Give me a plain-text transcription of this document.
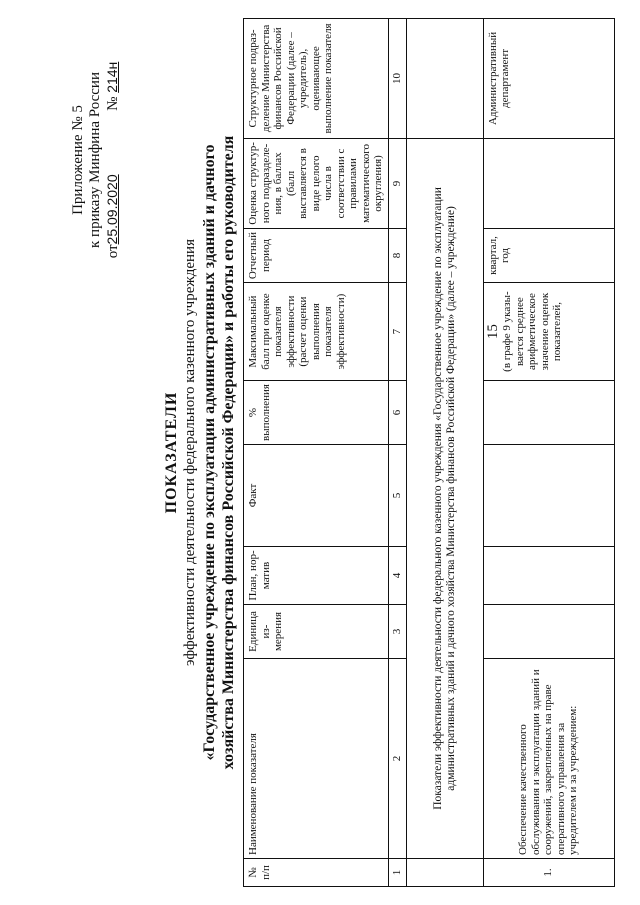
Приложение № 5 к приказу Минфина России
от25.09.2020  № 214н
ПОКАЗАТЕЛИ эффективности деятельности федерального казенного учреждения «Государственное учреждение по эксплуатации административных зданий и дачного хозяйства Министерства финансов Российской Федерации» и работы его руководителя
№ п/п	Наименование показателя	Единица из-мерения	План, нор-матив	Факт	% выполнения	Максимальный балл при оценке показателя эффективности (расчет оценки выполнения показателя эффективности)	Отчетный период	Оценка структур-ного подразделе-ния, в баллах (балл выставляется в виде целого числа в соответствии с правилами математического округления)	Структурное подраз-деление Министерства финансов Российской Федерации (далее – учредитель), оценивающее выполнение показателя
1	2	3	4	5	6	7	8	9	10
	Показатели эффективности деятельности федерального казенного учреждения «Государственное учреждение по эксплуатации административных зданий и дачного хозяйства Министерства финансов Российской Федерации» (далее – учреждение)								
1.	Обеспечение качественного обслуживания и эксплуатации зданий и сооружений, закрепленных на праве оперативного управления за учредителем и за учреждением:					15 (в графе 9 указы-вается среднее арифметическое значение оценок показателей,	квартал, год		Административный департамент
